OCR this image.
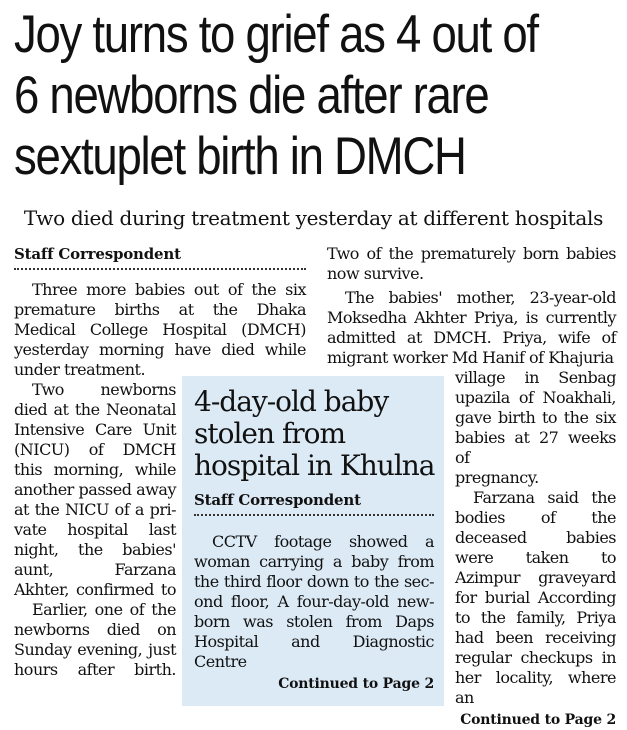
Joy turns to grief as 4 out of
6 newborns die after rare
sextuplet birth in DMCH
Two died during treatment yesterday at different hospitals
Staff Correspondent

Three more babies out of the six premature births at the Dhaka Medical College Hospital (DMCH) yesterday morning have died while under treatment.

Two newborns
died at the Neonatal
Intensive Care Unit
(NICU) of DMCH
this morning, while
another passed away
at the NICU of a pri-
vate hospital last
night, the babies'
aunt, Farzana
Akhter, confirmed to
Earlier, one of the
newborns died on
Sunday evening, just
hours after birth.

Two of the prematurely born babies now survive.

The babies' mother, 23-year-old Moksedha Akhter Priya, is currently admitted at DMCH. Priya, wife of migrant worker Md Hanif of Khajuria

village in Senbag
upazila of Noakhali,
gave birth to the six
babies at 27 weeks of
pregnancy.
Farzana said the
bodies of the
deceased babies
were taken to
Azimpur graveyard
for burial According
to the family, Priya
had been receiving
regular checkups in
her locality, where an
Continued to Page 2
4-day-old baby
stolen from
hospital in Khulna
Staff Correspondent

CCTV footage showed a woman carrying a baby from the third floor down to the sec-ond floor, A four-day-old new-born was stolen from Daps Hospital and Diagnostic Centre

Continued to Page 2
